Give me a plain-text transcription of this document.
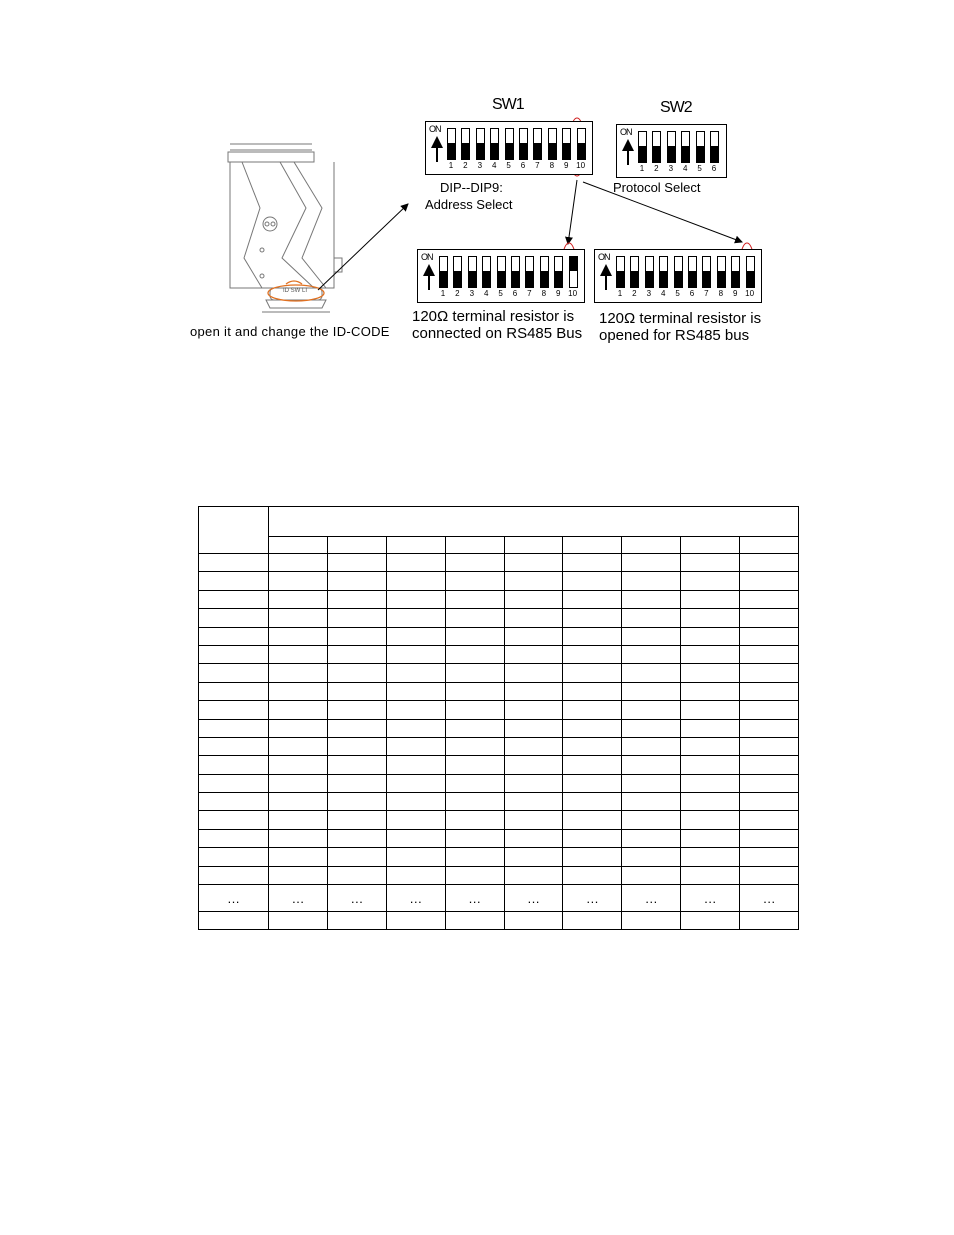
ID SW LI
open it and change the ID-CODE
SW1
ON
1	2	3	4	5	6	7	8	9 10
DIP--DIP9:
Address Select
SW2
ON
1	2	3	4	5	6
Protocol Select
ON
1	2	3	4	5	6	7	8	9 10
120Ω terminal resistor is
connected on RS485 Bus
ON
1	2	3	4	5	6	7	8	9 10
120Ω terminal resistor is
opened for RS485 bus

…	…	…	…	…	…	…	…	…	…
